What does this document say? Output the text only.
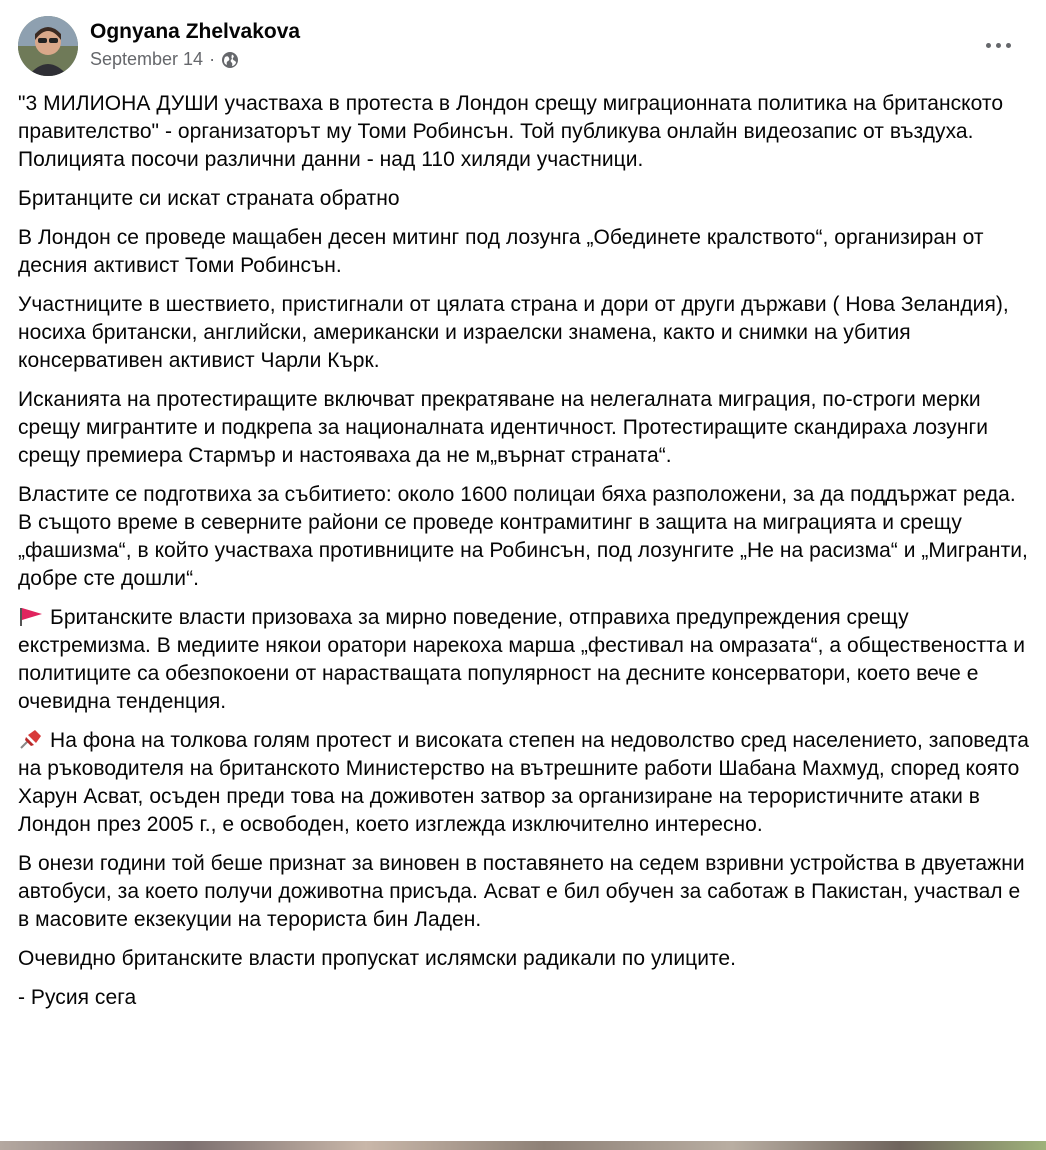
Ognyana Zhelvakova
September 14 ·

"3 МИЛИОНА ДУШИ участваха в протеста в Лондон срещу миграционната политика на британското правителство" - организаторът му Томи Робинсън. Той публикува онлайн видеозапис от въздуха.
Полицията посочи различни данни - над 110 хиляди участници.

Британците си искат страната обратно

В Лондон се проведе мащабен десен митинг под лозунга „Обединете кралството“, организиран от десния активист Томи Робинсън.

Участниците в шествието, пристигнали от цялата страна и дори от други държави ( Нова Зеландия), носиха британски, английски, американски и израелски знамена, както и снимки на убития консервативен активист Чарли Кърк.

Исканията на протестиращите включват прекратяване на нелегалната миграция, по-строги мерки срещу мигрантите и подкрепа за националната идентичност. Протестиращите скандираха лозунги срещу премиера Стармър и настояваха да не м„върнат страната“.

Властите се подготвиха за събитието: около 1600 полицаи бяха разположени, за да поддържат реда. В същото време в северните райони се проведе контрамитинг в защита на миграцията и срещу „фашизма“, в който участваха противниците на Робинсън, под лозунгите „Не на расизма“ и „Мигранти, добре сте дошли“.

Британските власти призоваха за мирно поведение, отправиха предупреждения срещу екстремизма. В медиите някои оратори нарекоха марша „фестивал на омразата“, а обществеността и политиците са обезпокоени от нарастващата популярност на десните консерватори, което вече е очевидна тенденция.

На фона на толкова голям протест и високата степен на недоволство сред населението, заповедта на ръководителя на британското Министерство на вътрешните работи Шабана Махмуд, според която Харун Асват, осъден преди това на доживотен затвор за организиране на терористичните атаки в Лондон през 2005 г., е освободен, което изглежда изключително интересно.

В онези години той беше признат за виновен в поставянето на седем взривни устройства в двуетажни автобуси, за което получи доживотна присъда. Асват е бил обучен за саботаж в Пакистан, участвал е в масовите екзекуции на терориста бин Ладен.

Очевидно британските власти пропускат ислямски радикали по улиците.

- Русия сега
